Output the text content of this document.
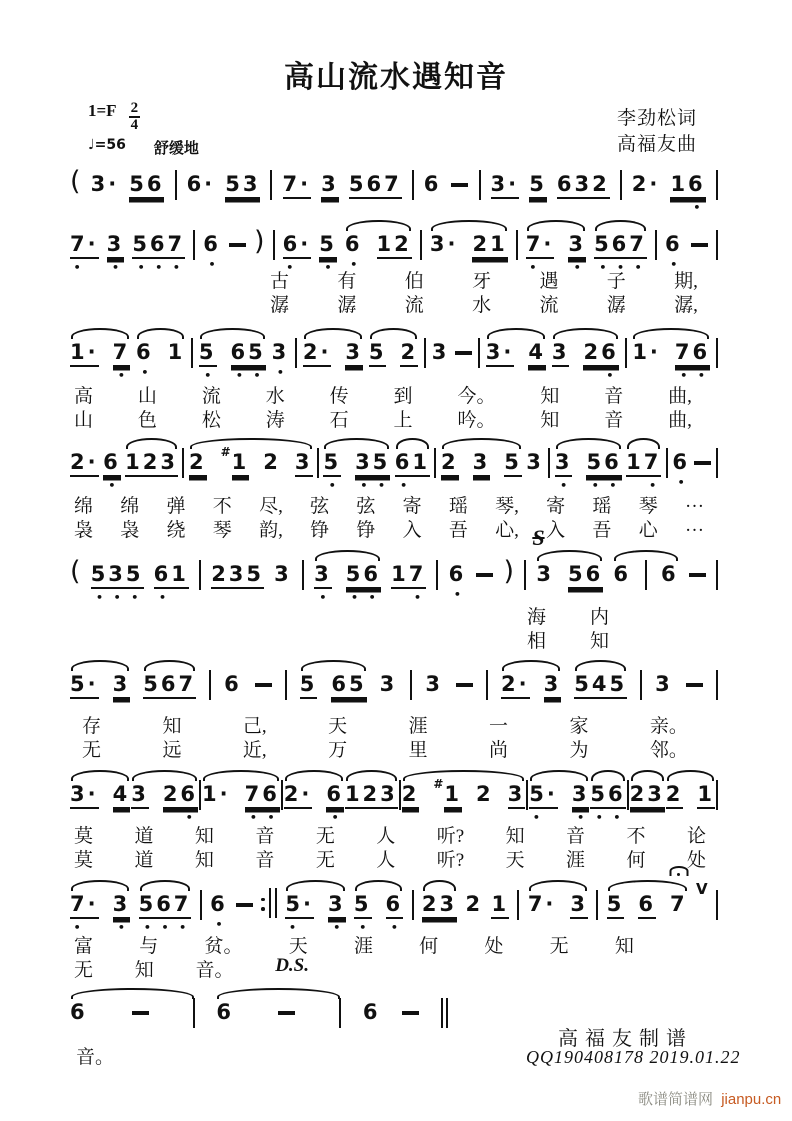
高山流水遇知音
$1=F \frac{2}{4}$
♩=56 舒缓地
李劲松词
高福友曲
( 3· 56 6· 53 7· 3 567 6 3· 5 632 2· 16
•
7·
•
3
•
567
• • •
6
•
) 6·
•
5
•
6
•
12 3· 21 7·
•
3
•
567
• • •
6
•
古	有	伯	牙	遇	子	期,
潺	潺	流	水	流	潺	潺,
1· 7
•
6
•
1 5
•
65
• •
3
•
2· 3 5 2 3 3· 4 3 26
•
1· 76
• •
高 山 流 水 传 到 今。 知 音 曲,
山 色 松 涛 石 上 吟。 知 音 曲,
2· 6
•
123 2 # 1 2 3 5
•
35
• •
61
•
2 3 5 3 3
•
56
• •
17
•
6
•
绵 绵 弹 不 尽, 弦 弦 寄 瑶 琴, 寄 瑶 琴 …
袅 袅 绕 琴 韵, 铮 铮 入 吾 心, 入 吾 心 …
( 535
• • •
61
•
235 3 3
•
56
• •
17
•
6
•
)
S
3 56 6 6
海 内
相 知
5· 3 567 6	5 65 3 3	2· 3 545 3
存	知	己,	天	涯	一	家	亲。
无	远	近,	万	里	尚	为	邻。
3· 4 3 26
•
1· 76
• •
2· 6
•
123 2 # 1 2 3 5·
•
3
•
56
• •
23 2 1
莫 道 知 音 无 人 听? 知 音 不 论
莫 道 知 音 无 人 听? 天 涯 何 处
7·
•
3
•
567
• • •
6
•
5·
•
3
•
5
•
6
•
23 2 1 7· 3 5 6 7
V
富 与 贫。 天 涯 何 处 无 知
无 知 音。 D.S.
6	6	6
音。
高福友制谱
QQ190408178 2019.01.22
歌谱简谱网 jianpu.cn
